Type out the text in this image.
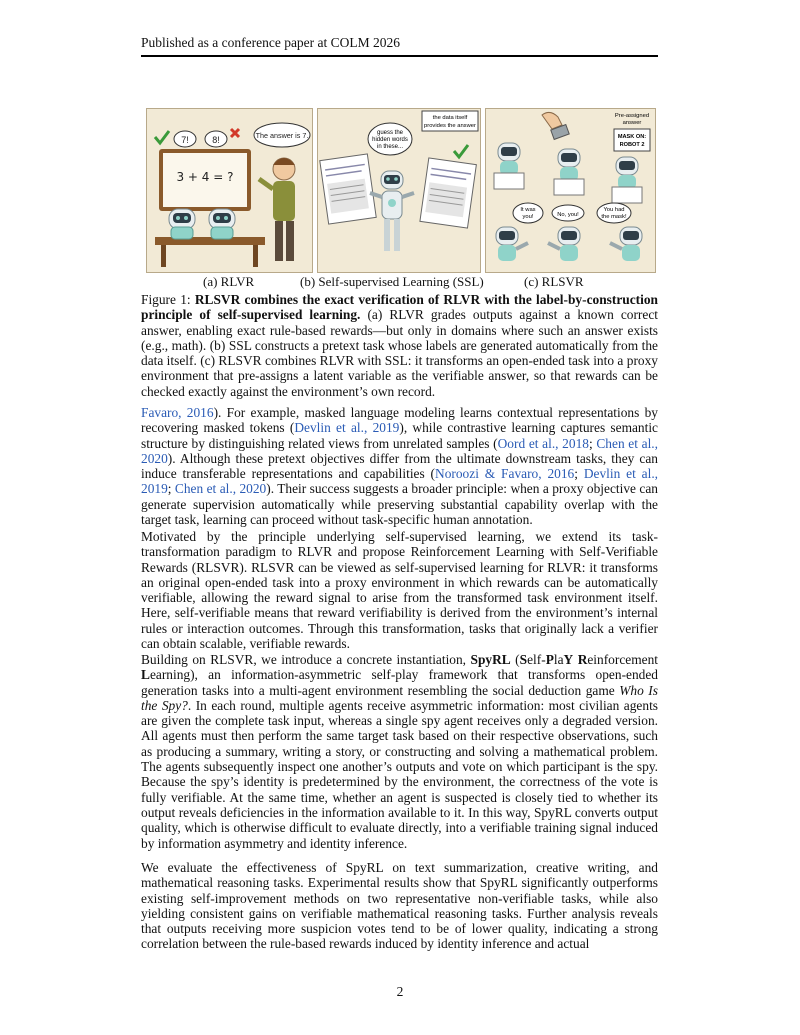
Published as a conference paper at COLM 2026
3 + 4 = ?
7!	8!	The answer is 7.
the data itself
provides the answer
guess the
hidden words
in these...
Pre-assigned
answer
MASK ON:
ROBOT 2
It was
you!	No, you!
You had
the mask!
(a) RLVR	(b) Self-supervised Learning (SSL)	(c) RLSVR
Figure 1: RLSVR combines the exact verification of RLVR with the label-by-construction principle of self-supervised learning. (a) RLVR grades outputs against a known correct answer, enabling exact rule-based rewards—but only in domains where such an answer exists (e.g., math). (b) SSL constructs a pretext task whose labels are generated automatically from the data itself. (c) RLSVR combines RLVR with SSL: it transforms an open-ended task into a proxy environment that pre-assigns a latent variable as the verifiable answer, so that rewards can be checked exactly against the environment’s own record.
Favaro, 2016). For example, masked language modeling learns contextual representations by recovering masked tokens (Devlin et al., 2019), while contrastive learning captures semantic structure by distinguishing related views from unrelated samples (Oord et al., 2018; Chen et al., 2020). Although these pretext objectives differ from the ultimate downstream tasks, they can induce transferable representations and capabilities (Noroozi & Favaro, 2016; Devlin et al., 2019; Chen et al., 2020). Their success suggests a broader principle: when a proxy objective can generate supervision automatically while preserving substantial capability overlap with the target task, learning can proceed without task-specific human annotation.
Motivated by the principle underlying self-supervised learning, we extend its task-transformation paradigm to RLVR and propose Reinforcement Learning with Self-Verifiable Rewards (RLSVR). RLSVR can be viewed as self-supervised learning for RLVR: it transforms an original open-ended task into a proxy environment in which rewards can be automatically verifiable, allowing the reward signal to arise from the transformed task environment itself. Here, self-verifiable means that reward verifiability is derived from the environment’s internal rules or interaction outcomes. Through this transformation, tasks that originally lack a verifier can obtain scalable, verifiable rewards.
Building on RLSVR, we introduce a concrete instantiation, SpyRL (Self-PlaY Reinforcement Learning), an information-asymmetric self-play framework that transforms open-ended generation tasks into a multi-agent environment resembling the social deduction game Who Is the Spy?. In each round, multiple agents receive asymmetric information: most civilian agents are given the complete task input, whereas a single spy agent receives only a degraded version. All agents must then perform the same target task based on their respective observations, such as producing a summary, writing a story, or constructing and solving a mathematical problem. The agents subsequently inspect one another’s outputs and vote on which participant is the spy. Because the spy’s identity is predetermined by the environment, the correctness of the vote is fully verifiable. At the same time, whether an agent is suspected is closely tied to whether its output reveals deficiencies in the information available to it. In this way, SpyRL converts output quality, which is otherwise difficult to evaluate directly, into a verifiable training signal induced by information asymmetry and identity inference.
We evaluate the effectiveness of SpyRL on text summarization, creative writing, and mathematical reasoning tasks. Experimental results show that SpyRL significantly outperforms existing self-improvement methods on two representative non-verifiable tasks, while also yielding consistent gains on verifiable mathematical reasoning tasks. Further analysis reveals that outputs receiving more suspicion votes tend to be of lower quality, indicating a strong correlation between the rule-based rewards induced by identity inference and actual
2
